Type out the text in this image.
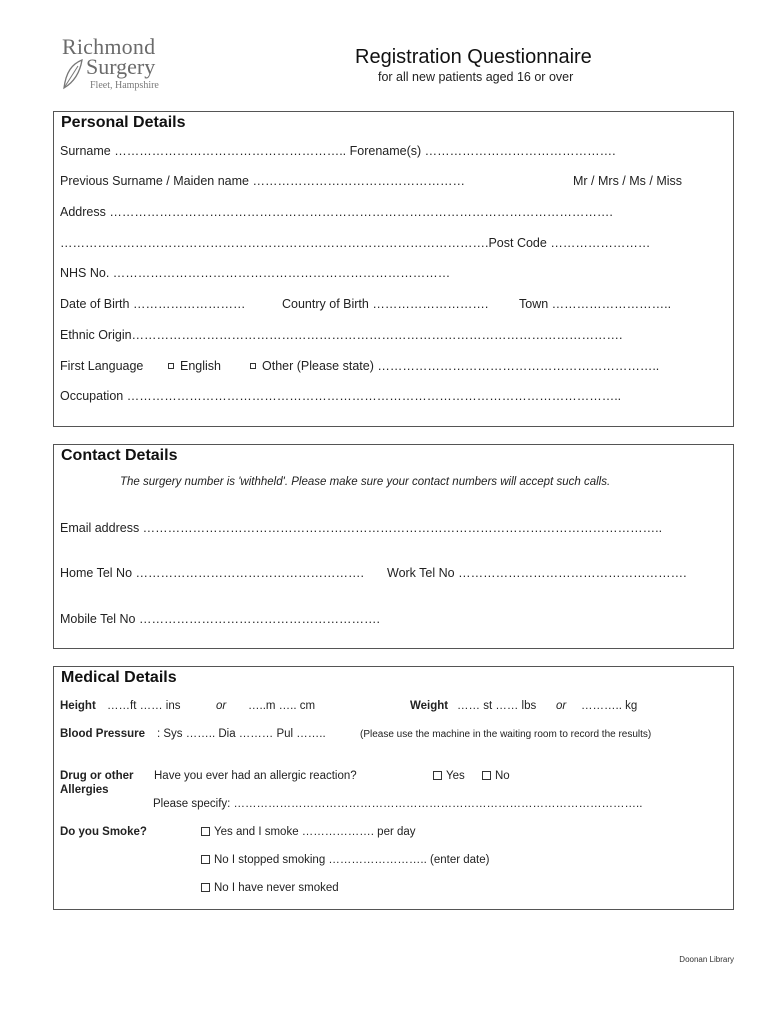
Richmond
Surgery
Fleet, Hampshire
Registration Questionnaire
for all new patients aged 16 or over
Personal Details
Surname ……………………………………………….. Forename(s) ……………………………………….
Previous Surname / Maiden name ……………………………………………	Mr / Mrs / Ms / Miss
Address ………………………………………………………………………………………………………….
………………………………………………………………………………………….Post Code ……………………
NHS No. ………………………………………………………………………
Date of Birth ………………………	Country of Birth ………………………. Town ………………………..
Ethnic Origin……………………………………………………………………………………………………….
First Language	English	Other (Please state) …………………………………………………………..
Occupation ………………………………………………………………………………………………………..
Contact Details
The surgery number is 'withheld'. Please make sure your contact numbers will accept such calls.
Email address ……………………………………………………………………………………………………………..
Home Tel No ………………………………………………. Work Tel No ……………………………………………….
Mobile Tel No ………………………………………………….
Medical Details
Height ……ft …… ins	or …..m ….. cm	Weight …… st …… lbs or ……….. kg
Blood Pressure : Sys …….. Dia ……… Pul ……..	(Please use the machine in the waiting room to record the results)
Drug or other
Allergies
Have you ever had an allergic reaction?	Yes	No
Please specify: ……………………………………………………………………………………………..
Do you Smoke?	Yes and I smoke ………………. per day
No I stopped smoking …………………….. (enter date)
No I have never smoked
Doonan Library
